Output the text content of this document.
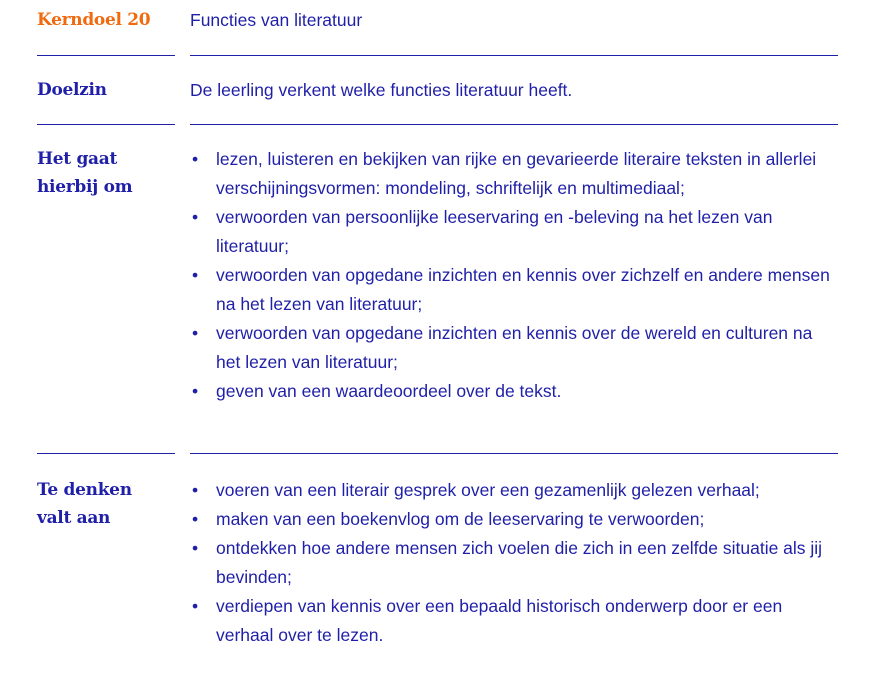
Kerndoel 20	Functies van literatuur
Doelzin	De leerling verkent welke functies literatuur heeft.
Het gaat
hierbij om
• lezen, luisteren en bekijken van rijke en gevarieerde literaire teksten in allerlei verschijningsvormen: mondeling, schriftelijk en multimediaal;
• verwoorden van persoonlijke leeservaring en -beleving na het lezen van literatuur;
• verwoorden van opgedane inzichten en kennis over zichzelf en andere mensen na het lezen van literatuur;
• verwoorden van opgedane inzichten en kennis over de wereld en culturen na het lezen van literatuur;
• geven van een waardeoordeel over de tekst.
Te denken
valt aan
• voeren van een literair gesprek over een gezamenlijk gelezen verhaal;
• maken van een boekenvlog om de leeservaring te verwoorden;
• ontdekken hoe andere mensen zich voelen die zich in een zelfde situatie als jij bevinden;
• verdiepen van kennis over een bepaald historisch onderwerp door er een verhaal over te lezen.
